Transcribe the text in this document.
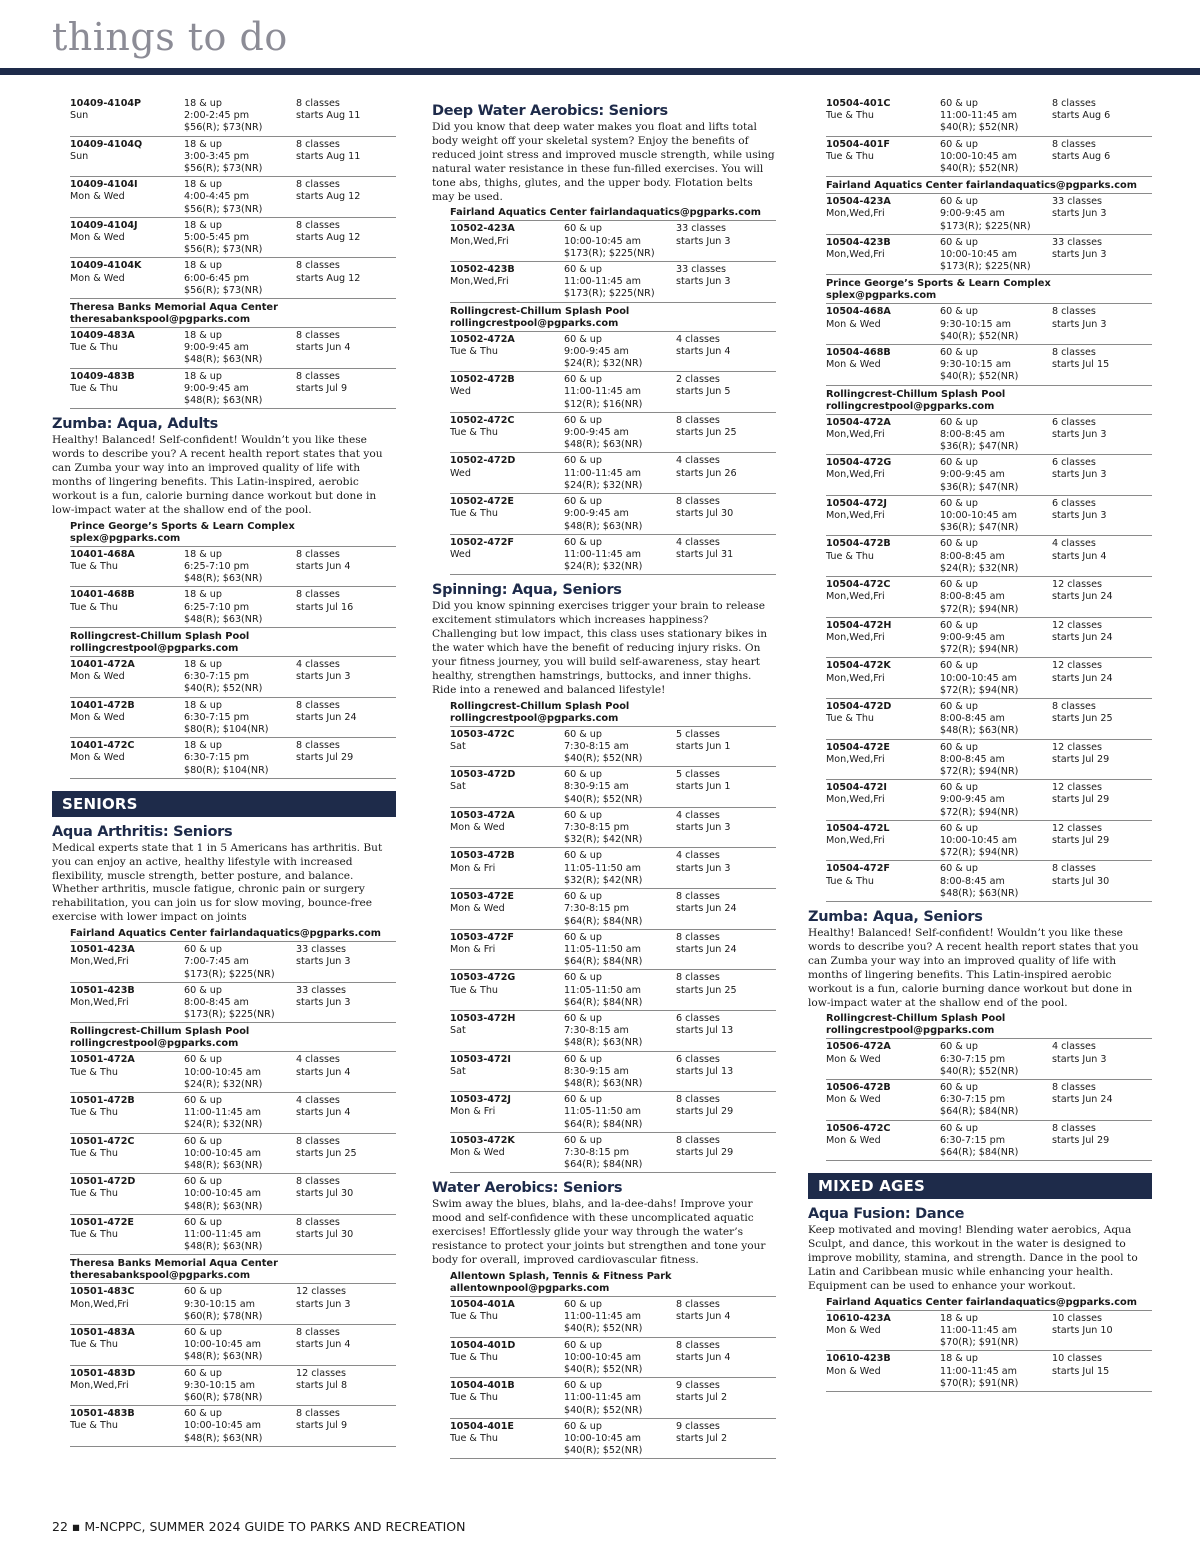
things to do
10409-4104P
Sun
18 & up
2:00-2:45 pm
$56(R); $73(NR)
8 classes
starts Aug 11
10409-4104Q
Sun
18 & up
3:00-3:45 pm
$56(R); $73(NR)
8 classes
starts Aug 11
10409-4104I
Mon & Wed
18 & up
4:00-4:45 pm
$56(R); $73(NR)
8 classes
starts Aug 12
10409-4104J
Mon & Wed
18 & up
5:00-5:45 pm
$56(R); $73(NR)
8 classes
starts Aug 12
10409-4104K
Mon & Wed
18 & up
6:00-6:45 pm
$56(R); $73(NR)
8 classes
starts Aug 12
Theresa Banks Memorial Aqua Center
theresabankspool@pgparks.com
10409-483A
Tue & Thu
18 & up
9:00-9:45 am
$48(R); $63(NR)
8 classes
starts Jun 4
10409-483B
Tue & Thu
18 & up
9:00-9:45 am
$48(R); $63(NR)
8 classes
starts Jul 9
Zumba: Aqua, Adults
Healthy! Balanced! Self-confident! Wouldn’t you like these words to describe you? A recent health report states that you can Zumba your way into an improved quality of life with months of lingering benefits. This Latin-inspired, aerobic workout is a fun, calorie burning dance workout but done in low-impact water at the shallow end of the pool.
Prince George’s Sports & Learn Complex
splex@pgparks.com
10401-468A
Tue & Thu
18 & up
6:25-7:10 pm
$48(R); $63(NR)
8 classes
starts Jun 4
10401-468B
Tue & Thu
18 & up
6:25-7:10 pm
$48(R); $63(NR)
8 classes
starts Jul 16
Rollingcrest-Chillum Splash Pool
rollingcrestpool@pgparks.com
10401-472A
Mon & Wed
18 & up
6:30-7:15 pm
$40(R); $52(NR)
4 classes
starts Jun 3
10401-472B
Mon & Wed
18 & up
6:30-7:15 pm
$80(R); $104(NR)
8 classes
starts Jun 24
10401-472C
Mon & Wed
18 & up
6:30-7:15 pm
$80(R); $104(NR)
8 classes
starts Jul 29
SENIORS
Aqua Arthritis: Seniors
Medical experts state that 1 in 5 Americans has arthritis. But you can enjoy an active, healthy lifestyle with increased flexibility, muscle strength, better posture, and balance. Whether arthritis, muscle fatigue, chronic pain or surgery rehabilitation, you can join us for slow moving, bounce-free exercise with lower impact on joints
Fairland Aquatics Center fairlandaquatics@pgparks.com
10501-423A
Mon,Wed,Fri
60 & up
7:00-7:45 am
$173(R); $225(NR)
33 classes
starts Jun 3
10501-423B
Mon,Wed,Fri
60 & up
8:00-8:45 am
$173(R); $225(NR)
33 classes
starts Jun 3
Rollingcrest-Chillum Splash Pool
rollingcrestpool@pgparks.com
10501-472A
Tue & Thu
60 & up
10:00-10:45 am
$24(R); $32(NR)
4 classes
starts Jun 4
10501-472B
Tue & Thu
60 & up
11:00-11:45 am
$24(R); $32(NR)
4 classes
starts Jun 4
10501-472C
Tue & Thu
60 & up
10:00-10:45 am
$48(R); $63(NR)
8 classes
starts Jun 25
10501-472D
Tue & Thu
60 & up
10:00-10:45 am
$48(R); $63(NR)
8 classes
starts Jul 30
10501-472E
Tue & Thu
60 & up
11:00-11:45 am
$48(R); $63(NR)
8 classes
starts Jul 30
Theresa Banks Memorial Aqua Center
theresabankspool@pgparks.com
10501-483C
Mon,Wed,Fri
60 & up
9:30-10:15 am
$60(R); $78(NR)
12 classes
starts Jun 3
10501-483A
Tue & Thu
60 & up
10:00-10:45 am
$48(R); $63(NR)
8 classes
starts Jun 4
10501-483D
Mon,Wed,Fri
60 & up
9:30-10:15 am
$60(R); $78(NR)
12 classes
starts Jul 8
10501-483B
Tue & Thu
60 & up
10:00-10:45 am
$48(R); $63(NR)
8 classes
starts Jul 9
Deep Water Aerobics: Seniors
Did you know that deep water makes you float and lifts total body weight off your skeletal system? Enjoy the benefits of reduced joint stress and improved muscle strength, while using natural water resistance in these fun-filled exercises. You will tone abs, thighs, glutes, and the upper body. Flotation belts may be used.
Fairland Aquatics Center fairlandaquatics@pgparks.com
10502-423A
Mon,Wed,Fri
60 & up
10:00-10:45 am
$173(R); $225(NR)
33 classes
starts Jun 3
10502-423B
Mon,Wed,Fri
60 & up
11:00-11:45 am
$173(R); $225(NR)
33 classes
starts Jun 3
Rollingcrest-Chillum Splash Pool
rollingcrestpool@pgparks.com
10502-472A
Tue & Thu
60 & up
9:00-9:45 am
$24(R); $32(NR)
4 classes
starts Jun 4
10502-472B
Wed
60 & up
11:00-11:45 am
$12(R); $16(NR)
2 classes
starts Jun 5
10502-472C
Tue & Thu
60 & up
9:00-9:45 am
$48(R); $63(NR)
8 classes
starts Jun 25
10502-472D
Wed
60 & up
11:00-11:45 am
$24(R); $32(NR)
4 classes
starts Jun 26
10502-472E
Tue & Thu
60 & up
9:00-9:45 am
$48(R); $63(NR)
8 classes
starts Jul 30
10502-472F
Wed
60 & up
11:00-11:45 am
$24(R); $32(NR)
4 classes
starts Jul 31
Spinning: Aqua, Seniors
Did you know spinning exercises trigger your brain to release excitement stimulators which increases happiness? Challenging but low impact, this class uses stationary bikes in the water which have the benefit of reducing injury risks. On your fitness journey, you will build self-awareness, stay heart healthy, strengthen hamstrings, buttocks, and inner thighs. Ride into a renewed and balanced lifestyle!
Rollingcrest-Chillum Splash Pool
rollingcrestpool@pgparks.com
10503-472C
Sat
60 & up
7:30-8:15 am
$40(R); $52(NR)
5 classes
starts Jun 1
10503-472D
Sat
60 & up
8:30-9:15 am
$40(R); $52(NR)
5 classes
starts Jun 1
10503-472A
Mon & Wed
60 & up
7:30-8:15 pm
$32(R); $42(NR)
4 classes
starts Jun 3
10503-472B
Mon & Fri
60 & up
11:05-11:50 am
$32(R); $42(NR)
4 classes
starts Jun 3
10503-472E
Mon & Wed
60 & up
7:30-8:15 pm
$64(R); $84(NR)
8 classes
starts Jun 24
10503-472F
Mon & Fri
60 & up
11:05-11:50 am
$64(R); $84(NR)
8 classes
starts Jun 24
10503-472G
Tue & Thu
60 & up
11:05-11:50 am
$64(R); $84(NR)
8 classes
starts Jun 25
10503-472H
Sat
60 & up
7:30-8:15 am
$48(R); $63(NR)
6 classes
starts Jul 13
10503-472I
Sat
60 & up
8:30-9:15 am
$48(R); $63(NR)
6 classes
starts Jul 13
10503-472J
Mon & Fri
60 & up
11:05-11:50 am
$64(R); $84(NR)
8 classes
starts Jul 29
10503-472K
Mon & Wed
60 & up
7:30-8:15 pm
$64(R); $84(NR)
8 classes
starts Jul 29
Water Aerobics: Seniors
Swim away the blues, blahs, and la-dee-dahs! Improve your mood and self-confidence with these uncomplicated aquatic exercises! Effortlessly glide your way through the water’s resistance to protect your joints but strengthen and tone your body for overall, improved cardiovascular fitness.
Allentown Splash, Tennis & Fitness Park
allentownpool@pgparks.com
10504-401A
Tue & Thu
60 & up
11:00-11:45 am
$40(R); $52(NR)
8 classes
starts Jun 4
10504-401D
Tue & Thu
60 & up
10:00-10:45 am
$40(R); $52(NR)
8 classes
starts Jun 4
10504-401B
Tue & Thu
60 & up
11:00-11:45 am
$40(R); $52(NR)
9 classes
starts Jul 2
10504-401E
Tue & Thu
60 & up
10:00-10:45 am
$40(R); $52(NR)
9 classes
starts Jul 2
10504-401C
Tue & Thu
60 & up
11:00-11:45 am
$40(R); $52(NR)
8 classes
starts Aug 6
10504-401F
Tue & Thu
60 & up
10:00-10:45 am
$40(R); $52(NR)
8 classes
starts Aug 6
Fairland Aquatics Center fairlandaquatics@pgparks.com
10504-423A
Mon,Wed,Fri
60 & up
9:00-9:45 am
$173(R); $225(NR)
33 classes
starts Jun 3
10504-423B
Mon,Wed,Fri
60 & up
10:00-10:45 am
$173(R); $225(NR)
33 classes
starts Jun 3
Prince George’s Sports & Learn Complex
splex@pgparks.com
10504-468A
Mon & Wed
60 & up
9:30-10:15 am
$40(R); $52(NR)
8 classes
starts Jun 3
10504-468B
Mon & Wed
60 & up
9:30-10:15 am
$40(R); $52(NR)
8 classes
starts Jul 15
Rollingcrest-Chillum Splash Pool
rollingcrestpool@pgparks.com
10504-472A
Mon,Wed,Fri
60 & up
8:00-8:45 am
$36(R); $47(NR)
6 classes
starts Jun 3
10504-472G
Mon,Wed,Fri
60 & up
9:00-9:45 am
$36(R); $47(NR)
6 classes
starts Jun 3
10504-472J
Mon,Wed,Fri
60 & up
10:00-10:45 am
$36(R); $47(NR)
6 classes
starts Jun 3
10504-472B
Tue & Thu
60 & up
8:00-8:45 am
$24(R); $32(NR)
4 classes
starts Jun 4
10504-472C
Mon,Wed,Fri
60 & up
8:00-8:45 am
$72(R); $94(NR)
12 classes
starts Jun 24
10504-472H
Mon,Wed,Fri
60 & up
9:00-9:45 am
$72(R); $94(NR)
12 classes
starts Jun 24
10504-472K
Mon,Wed,Fri
60 & up
10:00-10:45 am
$72(R); $94(NR)
12 classes
starts Jun 24
10504-472D
Tue & Thu
60 & up
8:00-8:45 am
$48(R); $63(NR)
8 classes
starts Jun 25
10504-472E
Mon,Wed,Fri
60 & up
8:00-8:45 am
$72(R); $94(NR)
12 classes
starts Jul 29
10504-472I
Mon,Wed,Fri
60 & up
9:00-9:45 am
$72(R); $94(NR)
12 classes
starts Jul 29
10504-472L
Mon,Wed,Fri
60 & up
10:00-10:45 am
$72(R); $94(NR)
12 classes
starts Jul 29
10504-472F
Tue & Thu
60 & up
8:00-8:45 am
$48(R); $63(NR)
8 classes
starts Jul 30
Zumba: Aqua, Seniors
Healthy! Balanced! Self-confident! Wouldn’t you like these words to describe you? A recent health report states that you can Zumba your way into an improved quality of life with months of lingering benefits. This Latin-inspired aerobic workout is a fun, calorie burning dance workout but done in low-impact water at the shallow end of the pool.
Rollingcrest-Chillum Splash Pool
rollingcrestpool@pgparks.com
10506-472A
Mon & Wed
60 & up
6:30-7:15 pm
$40(R); $52(NR)
4 classes
starts Jun 3
10506-472B
Mon & Wed
60 & up
6:30-7:15 pm
$64(R); $84(NR)
8 classes
starts Jun 24
10506-472C
Mon & Wed
60 & up
6:30-7:15 pm
$64(R); $84(NR)
8 classes
starts Jul 29
MIXED AGES
Aqua Fusion: Dance
Keep motivated and moving! Blending water aerobics, Aqua Sculpt, and dance, this workout in the water is designed to improve mobility, stamina, and strength. Dance in the pool to Latin and Caribbean music while enhancing your health. Equipment can be used to enhance your workout.
Fairland Aquatics Center fairlandaquatics@pgparks.com
10610-423A
Mon & Wed
18 & up
11:00-11:45 am
$70(R); $91(NR)
10 classes
starts Jun 10
10610-423B
Mon & Wed
18 & up
11:00-11:45 am
$70(R); $91(NR)
10 classes
starts Jul 15
22 ▪ M-NCPPC, SUMMER 2024 GUIDE TO PARKS AND RECREATION
